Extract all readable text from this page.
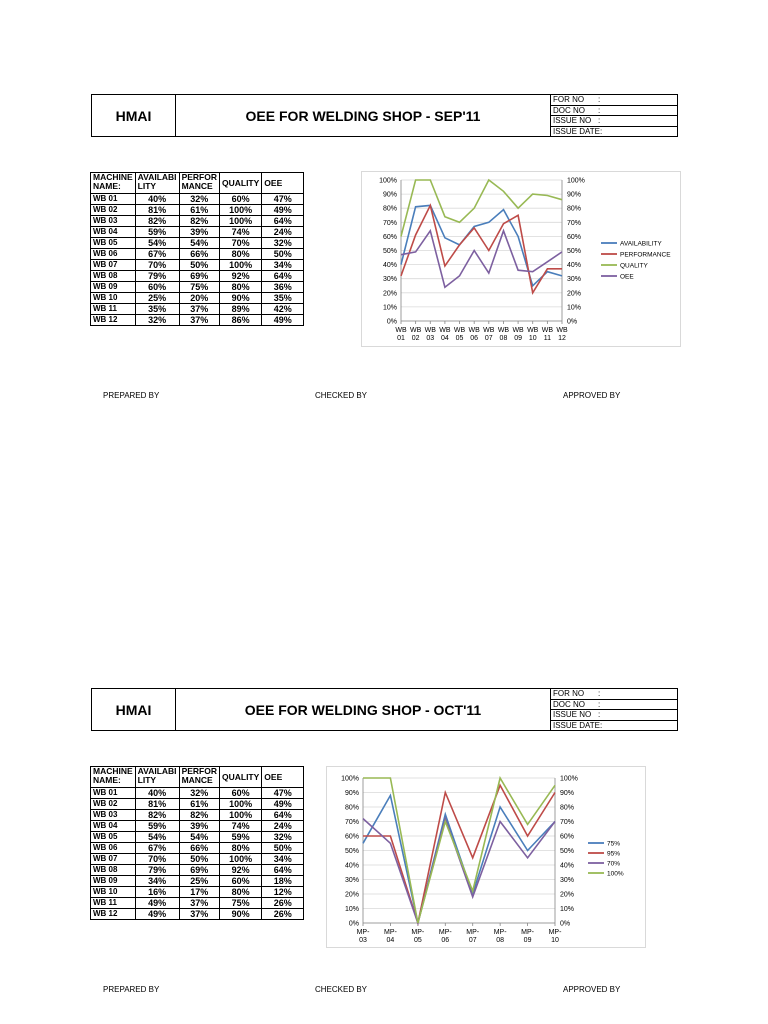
HMAI	OEE FOR WELDING SHOP - SEP'11
FOR NO	:
DOC NO	:
ISSUE NO :
ISSUE DATE:
MACHINE NAME:	AVAILABI LITY	PERFOR MANCE	QUALITY	OEE
WB 01	40%	32%	60%	47%
WB 02	81%	61%	100%	49%
WB 03	82%	82%	100%	64%
WB 04	59%	39%	74%	24%
WB 05	54%	54%	70%	32%
WB 06	67%	66%	80%	50%
WB 07	70%	50%	100%	34%
WB 08	79%	69%	92%	64%
WB 09	60%	75%	80%	36%
WB 10	25%	20%	90%	35%
WB 11	35%	37%	89%	42%
WB 12	32%	37%	86%	49%	0%	0%
10%	10%
20%	20%
30%	30%
40%	40%
50%	50%
60%	60%
70%	70%
80%	80%
90%	90%
100%	100%
WB 01
WB 02
WB 03
WB 04
WB 05
WB 06
WB 07
WB 08
WB 09
WB 10
WB 11
WB 12
AVAILABILITY
PERFORMANCE
QUALITY
OEE
PREPARED BY	CHECKED BY	APPROVED BY
HMAI	OEE FOR WELDING SHOP - OCT'11
FOR NO	:
DOC NO	:
ISSUE NO :
ISSUE DATE:
MACHINE NAME:	AVAILABI LITY	PERFOR MANCE	QUALITY	OEE
WB 01	40%	32%	60%	47%
WB 02	81%	61%	100%	49%
WB 03	82%	82%	100%	64%
WB 04	59%	39%	74%	24%
WB 05	54%	54%	59%	32%
WB 06	67%	66%	80%	50%
WB 07	70%	50%	100%	34%
WB 08	79%	69%	92%	64%
WB 09	34%	25%	60%	18%
WB 10	16%	17%	80%	12%
WB 11	49%	37%	75%	26%
WB 12	49%	37%	90%	26%
0%	0%
10%	10%
20%	20%
30%	30%
40%	40%
50%	50%
60%	60%
70%	70%
80%	80%
90%	90%
100%	100%
MP-03
MP-04
MP-05
MP-06
MP-07
MP-08
MP-09
MP-10
75%
95%
70%
100%
PREPARED BY	CHECKED BY	APPROVED BY
